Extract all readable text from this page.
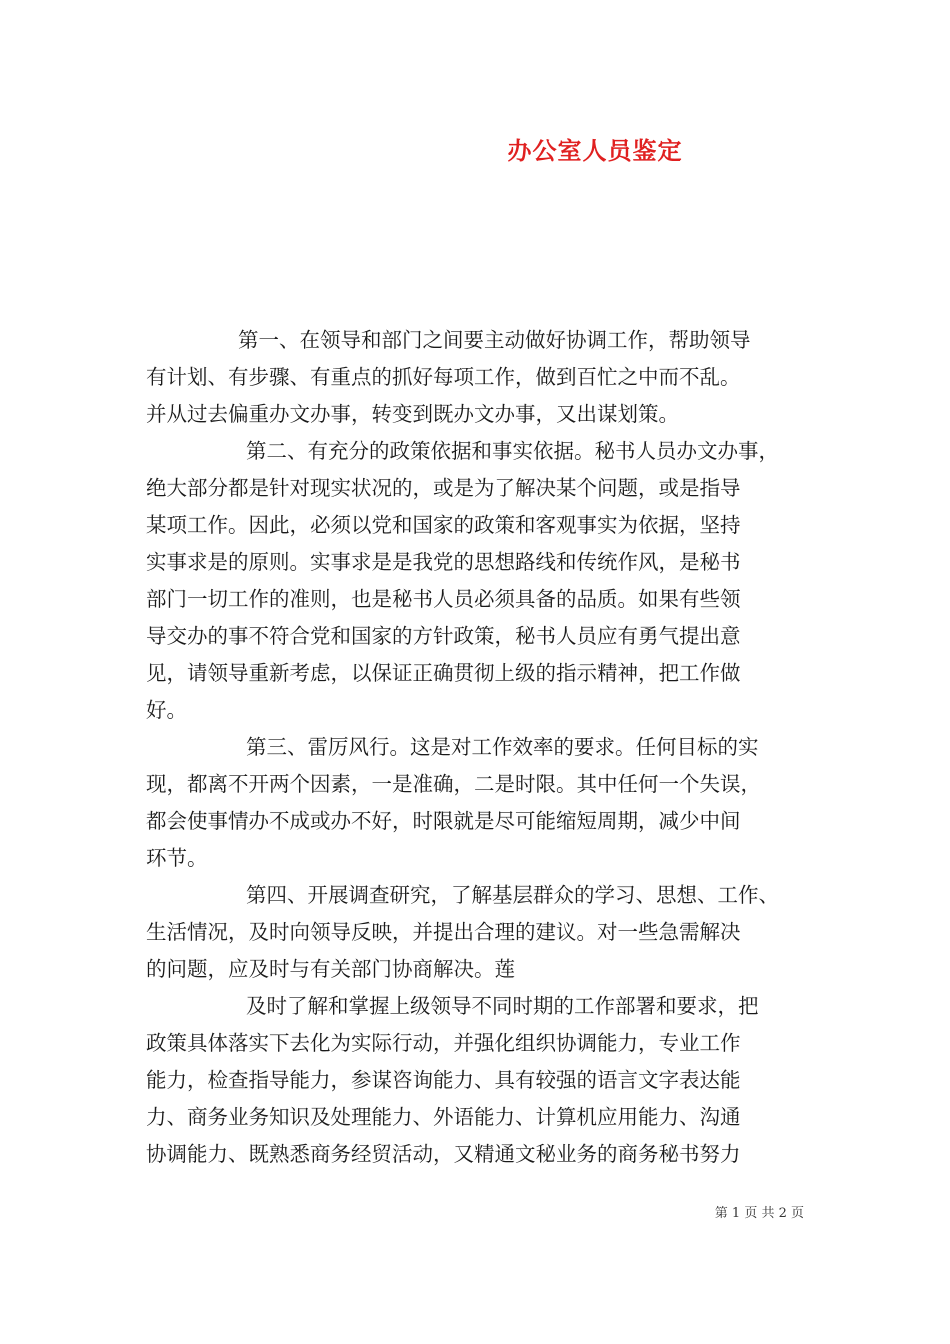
办公室人员鉴定

第一、在领导和部门之间要主动做好协调工作，帮助领导
有计划、有步骤、有重点的抓好每项工作，做到百忙之中而不乱。
并从过去偏重办文办事，转变到既办文办事，又出谋划策。

第二、有充分的政策依据和事实依据。秘书人员办文办事，
绝大部分都是针对现实状况的，或是为了解决某个问题，或是指导
某项工作。因此，必须以党和国家的政策和客观事实为依据，坚持
实事求是的原则。实事求是是我党的思想路线和传统作风，是秘书
部门一切工作的准则，也是秘书人员必须具备的品质。如果有些领
导交办的事不符合党和国家的方针政策，秘书人员应有勇气提出意
见，请领导重新考虑，以保证正确贯彻上级的指示精神，把工作做
好。

第三、雷厉风行。这是对工作效率的要求。任何目标的实
现，都离不开两个因素，一是准确，二是时限。其中任何一个失误，
都会使事情办不成或办不好，时限就是尽可能缩短周期，减少中间
环节。

第四、开展调查研究，了解基层群众的学习、思想、工作、
生活情况，及时向领导反映，并提出合理的建议。对一些急需解决
的问题，应及时与有关部门协商解决。莲

及时了解和掌握上级领导不同时期的工作部署和要求，把
政策具体落实下去化为实际行动，并强化组织协调能力，专业工作
能力，检查指导能力，参谋咨询能力、具有较强的语言文字表达能
力、商务业务知识及处理能力、外语能力、计算机应用能力、沟通
协调能力、既熟悉商务经贸活动，又精通文秘业务的商务秘书努力

第 1 页 共 2 页
